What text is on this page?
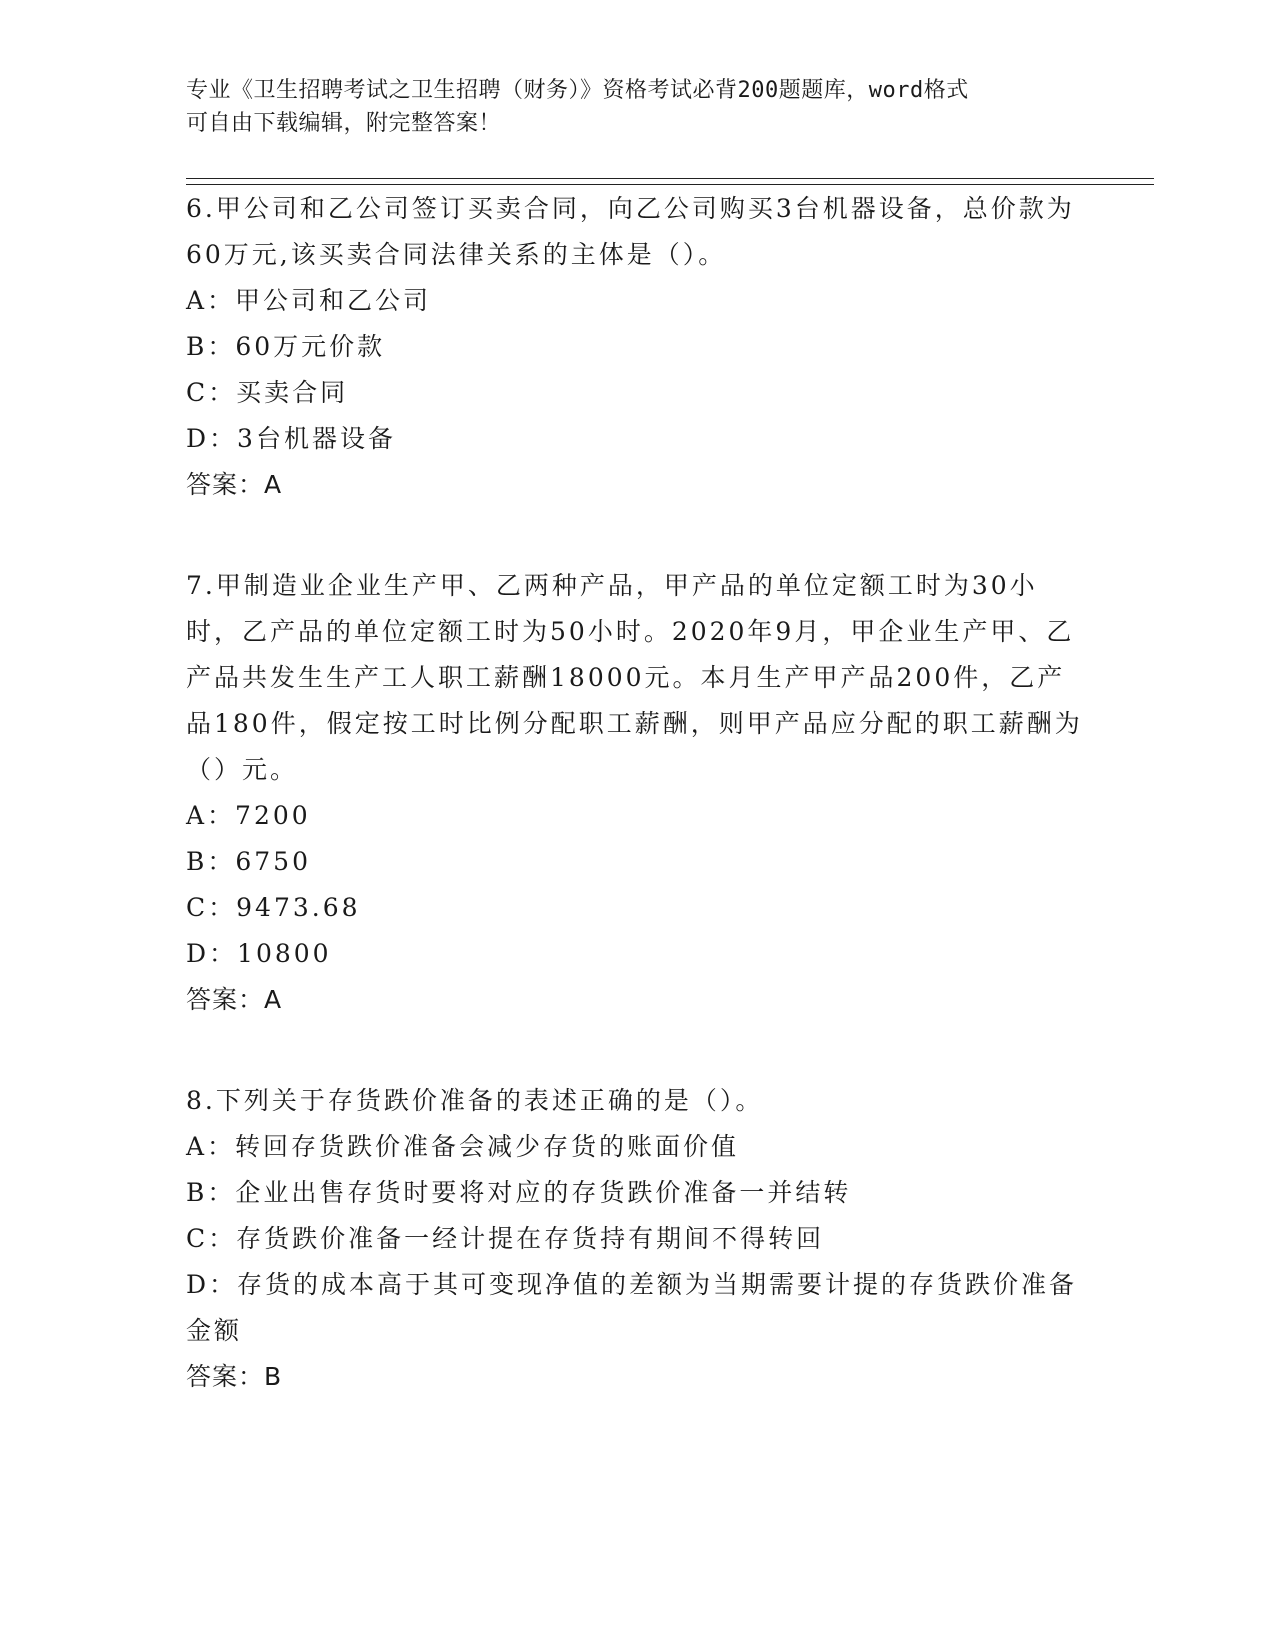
专业《卫生招聘考试之卫生招聘（财务）》资格考试必背200题题库，word格式
可自由下载编辑，附完整答案！

6.甲公司和乙公司签订买卖合同，向乙公司购买3台机器设备，总价款为60万元,该买卖合同法律关系的主体是（）。

A：甲公司和乙公司

B：60万元价款

C：买卖合同

D：3台机器设备

答案：A

7.甲制造业企业生产甲、乙两种产品，甲产品的单位定额工时为30小时，乙产品的单位定额工时为50小时。2020年9月，甲企业生产甲、乙产品共发生生产工人职工薪酬18000元。本月生产甲产品200件，乙产品180件，假定按工时比例分配职工薪酬，则甲产品应分配的职工薪酬为（）元。

A：7200

B：6750

C：9473.68

D：10800

答案：A

8.下列关于存货跌价准备的表述正确的是（）。

A：转回存货跌价准备会减少存货的账面价值

B：企业出售存货时要将对应的存货跌价准备一并结转

C：存货跌价准备一经计提在存货持有期间不得转回

D：存货的成本高于其可变现净值的差额为当期需要计提的存货跌价准备金额

答案：B
